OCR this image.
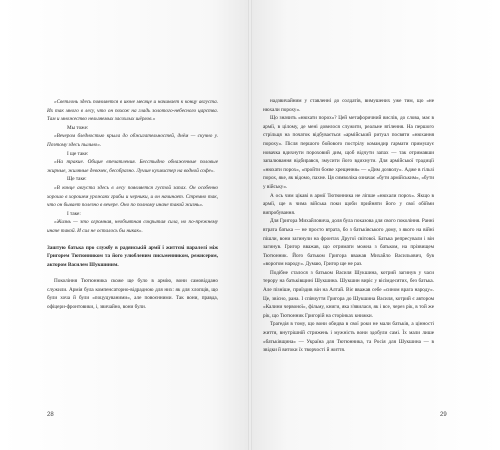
«Светлонь здесь появляется в июне месяце и начинает к концу августа. Их так много в лесу, что он похож на гладь золотого-небесного царства. Там и множество нельзяемых засохлых шёрлов.»

Мы тоже:

«Вечером бледностью крыла до обжигательностей, днём — скучно у. Поэтому здесь пыльно».

І ще таке:

«На тракие. Общие впечатления. Бесстыдно обнаженные половые жирные, жиляные девочек, бесобразно. Лучше кухмистер на водной софе».

Ще таке:

«В конце августа здесь в лесу появляется густой запах. Он особенно хорошо в хорошем урожаях грибы и черники, и он начинает. Стремно так, что он бывает полезно в вечере. Оно по полному иначе такой жизнь».

І таке:

«Жизнь — это огромная, необъятная сокрытая сила, но по-прежнему иначе такой. И сил не осталось бы никак».

Заштую батька про службу в радянській армії і життєві паралелі між Григорем Тютюнником та його улюбленим письменником, режисером, актором Василем Шукшиним.

Покоління Тютюнника скоже ще було в армію, вони самовіддано служили. Армія була компенсаторно-відрадною для них: як для хлопців, що були хоча й були «поцуцуваними», але повоєнними. Так вони, правда, офіцери-фронтовики, і, звичайно, вони були.

надзвичайним у ставленні до солдатів, вимушених уже тим, що «не нюхали пороху».

Що значить «нюхати порох»? Цей метафоричний вислів, до слова, має в армії, в цілому, де мені довелося служити, реальне втілення. На першого стрільця на початок відбувається «армійський ритуал посвяти «нюхання пороху». Після першого бойового пострілу командир гармати примушує новачка вдихнути пороховий дим, щоб відчути запах — так отримавши запалювання відбирався, змусити його вдихнути. Для армійської традиції «нюхати порох», «пройти боєве хрещення» — «Дим дозволу». Адже в гільзі порох, яке, як відомо, пахне. Ця символіка означає «бути армійським», «бути у війську».

А ось чим цікаві в армії Тютюнника не ліпше «нюхали порох». Якщо в армії, ще в чима війська поки щоби прийняти його у свої обійми випробування.

Для Григора Михайловича, доля була показова для свого покоління. Ранні втрата батька — не просто втрата, бо з батьківського дому, з якого на війні пішли, вони загинули на фронтах Другої світової. Батька репресували і він загинув. Григор вважав, що отримати можна з батьком, на прізвищем Тютюнник. Його батьком Григора вважав Михайло Васильович, був «ворогом народу». Думаю, Григор ще не раз.

Подібне сталося з батьком Василя Шукшина, котрий загинув у часи терору на батьківщині Шукшина. Шукшин виріс у вісімдесятих, без батька. Але пізніше, приїздив він на Алтай. Віє вважав себе «сином врага народу». Це, звісно, рана. І співчуття Григора до Шукшина Василя, котрий є автором «Калини червоної», фільму, книги, яка з'явилася, як і все, через рік, в той же рік, що Тютюнник Григорій на сторінках книжки.

Трагедія в тому, що вони обидва в свої роки не мали батьків, а цінності життя, внутрішній стрижень і мужність вони здобули самі. Їх мали лише «батьківщина» — Україна для Тютюнника, та Росія для Шукшина — в звідки й витоки їх творчості й життя.

28	29
